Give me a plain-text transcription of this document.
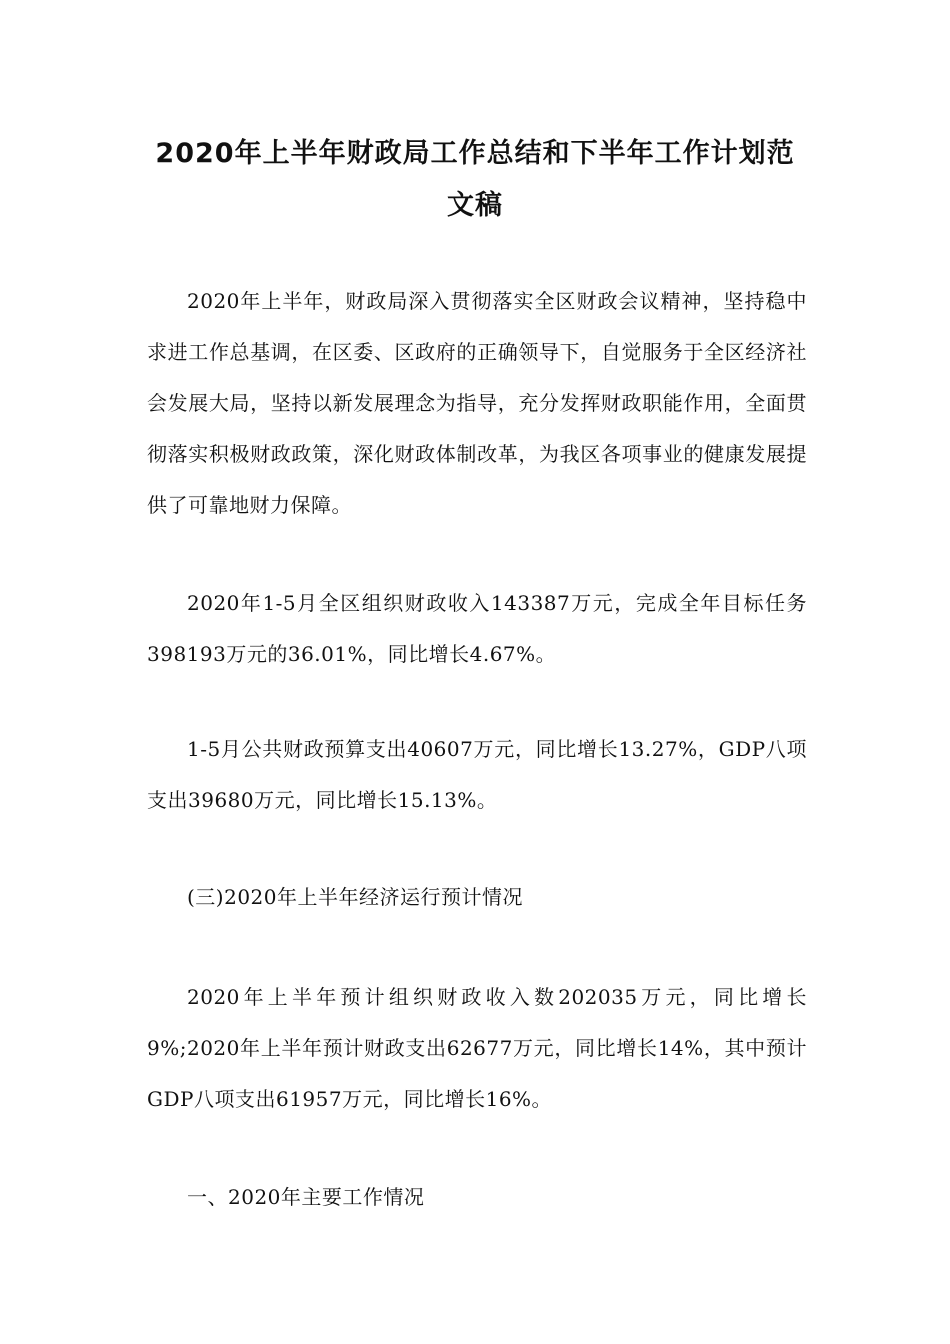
2020年上半年财政局工作总结和下半年工作计划范
文稿

2020年上半年，财政局深入贯彻落实全区财政会议精神，坚持稳中求进工作总基调，在区委、区政府的正确领导下，自觉服务于全区经济社会发展大局，坚持以新发展理念为指导，充分发挥财政职能作用，全面贯彻落实积极财政政策，深化财政体制改革，为我区各项事业的健康发展提供了可靠地财力保障。

2020年1-5月全区组织财政收入143387万元，完成全年目标任务398193万元的36.01%，同比增长4.67%。

1-5月公共财政预算支出40607万元，同比增长13.27%，GDP八项支出39680万元，同比增长15.13%。

(三)2020年上半年经济运行预计情况

2020年上半年预计组织财政收入数202035万元，同比增长9%;2020年上半年预计财政支出62677万元，同比增长14%，其中预计GDP八项支出61957万元，同比增长16%。

一、2020年主要工作情况
